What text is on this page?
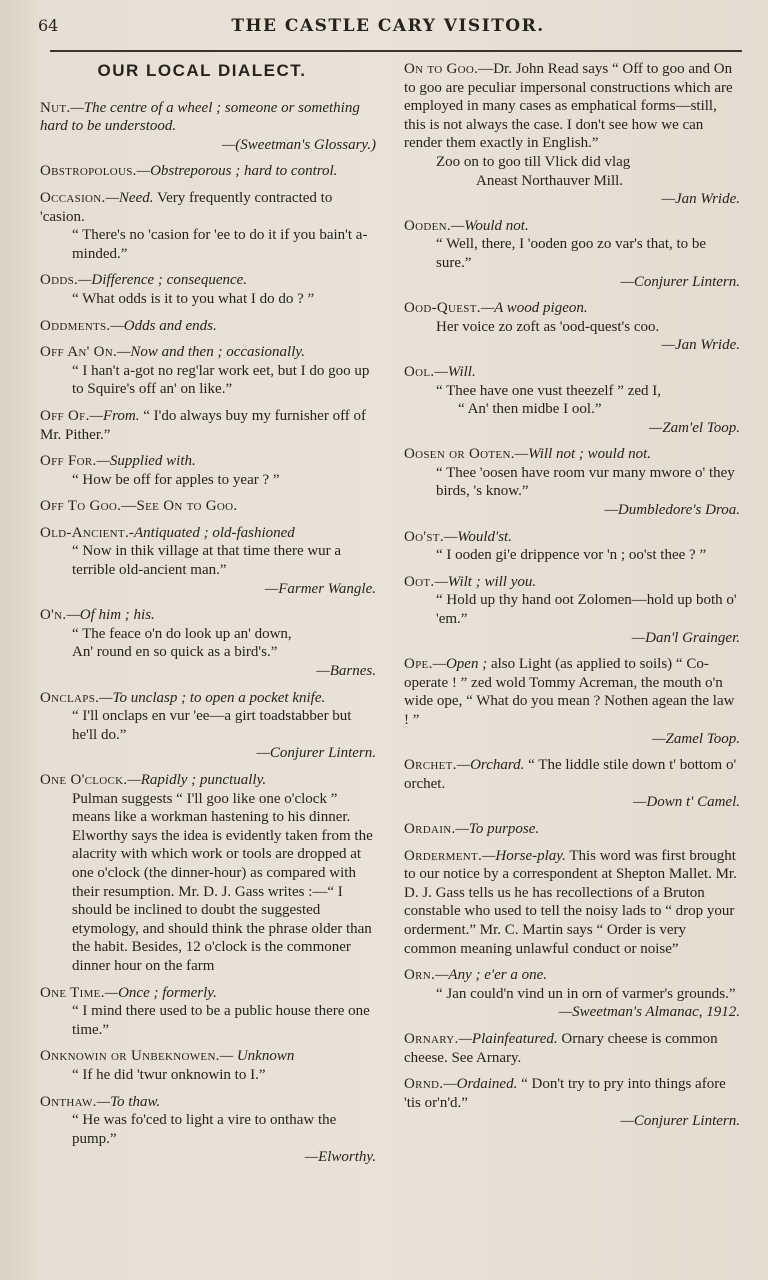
64	THE CASTLE CARY VISITOR.
OUR LOCAL DIALECT.

Nut.—The centre of a wheel ; someone or something hard to be understood.

—(Sweetman's Glossary.)

Obstropolous.—Obstreporous ; hard to control.

Occasion.—Need. Very frequently contracted to 'casion.

“ There's no 'casion for 'ee to do it if you bain't a-minded.”

Odds.—Difference ; consequence.

“ What odds is it to you what I do do ? ”

Oddments.—Odds and ends.

Off An' On.—Now and then ; occasionally.

“ I han't a-got no reg'lar work eet, but I do goo up to Squire's off an' on like.”

Off Of.—From. “ I'do always buy my furnisher off of Mr. Pither.”

Off For.—Supplied with.

“ How be off for apples to year ? ”

Off To Goo.—See On to Goo.

Old-Ancient.-Antiquated ; old-fashioned

“ Now in thik village at that time there wur a terrible old-ancient man.”

—Farmer Wangle.

O'n.—Of him ; his.

“ The feace o'n do look up an' down,

An' round en so quick as a bird's.”

—Barnes.

Onclaps.—To unclasp ; to open a pocket knife.

“ I'll onclaps en vur 'ee—a girt toadstabber but he'll do.”

—Conjurer Lintern.

One O'clock.—Rapidly ; punctually.

Pulman suggests “ I'll goo like one o'clock ” means like a workman hastening to his dinner. Elworthy says the idea is evidently taken from the alacrity with which work or tools are dropped at one o'clock (the dinner-hour) as compared with their resumption. Mr. D. J. Gass writes :—“ I should be inclined to doubt the suggested etymology, and should think the phrase older than the habit. Besides, 12 o'clock is the commoner dinner hour on the farm

One Time.—Once ; formerly.

“ I mind there used to be a public house there one time.”

Onknowin or Unbeknowen.— Unknown

“ If he did 'twur onknowin to I.”

Onthaw.—To thaw.

“ He was fo'ced to light a vire to onthaw the pump.”

—Elworthy.

On to Goo.—Dr. John Read says “ Off to goo and On to goo are peculiar impersonal constructions which are employed in many cases as emphatical forms—still, this is not always the case. I don't see how we can render them exactly in English.”

Zoo on to goo till Vlick did vlag

Aneast Northauver Mill.

—Jan Wride.

Ooden.—Would not.

“ Well, there, I 'ooden goo zo var's that, to be sure.”

—Conjurer Lintern.

Ood-Quest.—A wood pigeon.

Her voice zo zoft as 'ood-quest's coo.

—Jan Wride.

Ool.—Will.

“ Thee have one vust theezelf ” zed I,

“ An' then midbe I ool.”

—Zam'el Toop.

Oosen or Ooten.—Will not ; would not.

“ Thee 'oosen have room vur many mwore o' they birds, 's know.”

—Dumbledore's Droa.

Oo'st.—Would'st.

“ I ooden gi'e drippence vor 'n ; oo'st thee ? ”

Oot.—Wilt ; will you.

“ Hold up thy hand oot Zolomen—hold up both o' 'em.”

—Dan'l Grainger.

Ope.—Open ; also Light (as applied to soils) “ Co-operate ! ” zed wold Tommy Acreman, the mouth o'n wide ope, “ What do you mean ? Nothen agean the law ! ”

—Zamel Toop.

Orchet.—Orchard. “ The liddle stile down t' bottom o' orchet.

—Down t' Camel.

Ordain.—To purpose.

Orderment.—Horse-play. This word was first brought to our notice by a correspondent at Shepton Mallet. Mr. D. J. Gass tells us he has recollections of a Bruton constable who used to tell the noisy lads to “ drop your orderment.” Mr. C. Martin says “ Order is very common meaning unlawful conduct or noise”

Orn.—Any ; e'er a one.

“ Jan could'n vind un in orn of varmer's grounds.”

—Sweetman's Almanac, 1912.

Ornary.—Plainfeatured. Ornary cheese is common cheese. See Arnary.

Ornd.—Ordained. “ Don't try to pry into things afore 'tis or'n'd.”

—Conjurer Lintern.
